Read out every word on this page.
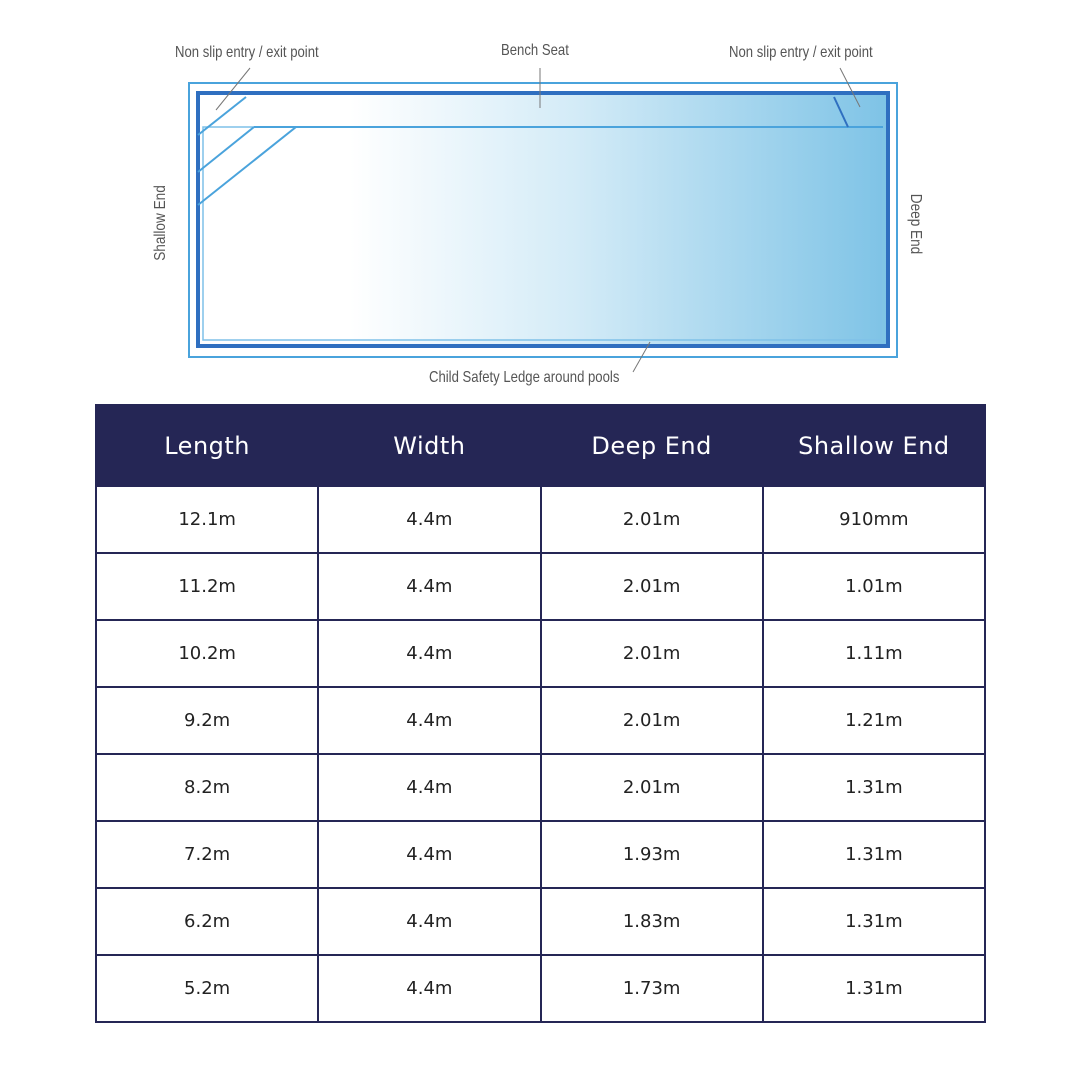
Non slip entry / exit point	Bench Seat	Non slip entry / exit point
Child Safety Ledge around pools
Shallow End	Deep End
Length	Width	Deep End	Shallow End
12.1m	4.4m	2.01m	910mm
11.2m	4.4m	2.01m	1.01m
10.2m	4.4m	2.01m	1.11m
9.2m	4.4m	2.01m	1.21m
8.2m	4.4m	2.01m	1.31m
7.2m	4.4m	1.93m	1.31m
6.2m	4.4m	1.83m	1.31m
5.2m	4.4m	1.73m	1.31m
